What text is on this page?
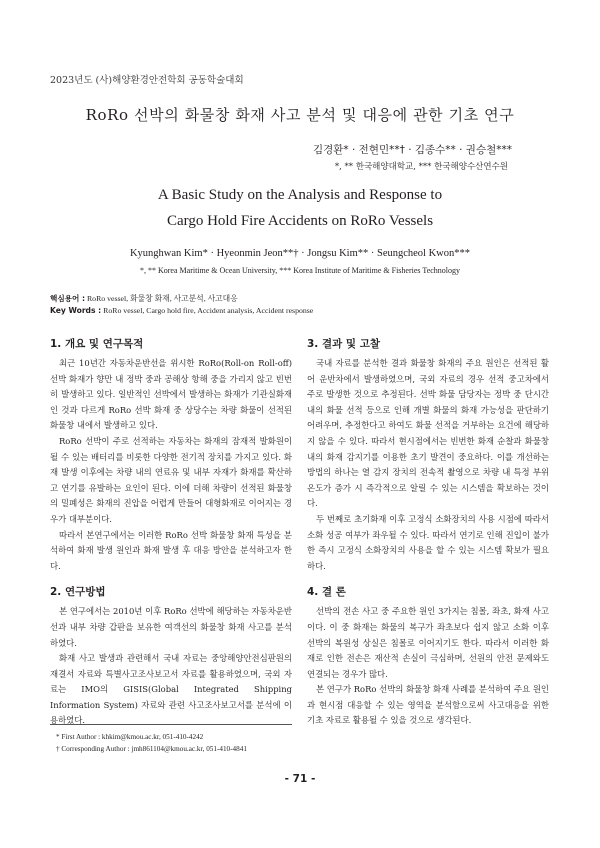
2023년도 (사)해양환경안전학회 공동학술대회
RoRo 선박의 화물창 화재 사고 분석 및 대응에 관한 기초 연구
김경환* · 전현민**† · 김종수** · 권승철***
*, ** 한국해양대학교, *** 한국해양수산연수원
A Basic Study on the Analysis and Response to
Cargo Hold Fire Accidents on RoRo Vessels
Kyunghwan Kim* · Hyeonmin Jeon**† · Jongsu Kim** · Seungcheol Kwon***
*, ** Korea Maritime & Ocean University, *** Korea Institute of Maritime & Fisheries Technology
핵심용어 : RoRo vessel, 화물창 화재, 사고분석, 사고대응
Key Words : RoRo vessel, Cargo hold fire, Accident analysis, Accident response
1. 개요 및 연구목적

최근 10년간 자동차운반선을 위시한 RoRo(Roll-on Roll-off) 선박 화재가 향만 내 정박 중과 공해상 항해 중을 가리지 않고 빈번히 발생하고 있다. 일반적인 선박에서 발생하는 화재가 기관실화재인 것과 다르게 RoRo 선박 화재 중 상당수는 차량 화물이 선적된 화물창 내에서 발생하고 있다.

RoRo 선박이 주로 선적하는 자동차는 화재의 잠재적 발화원이 될 수 있는 배터리를 비롯한 다양한 전기적 장치를 가지고 있다. 화재 발생 이후에는 차량 내의 연료유 및 내부 자재가 화재를 확산하고 연기를 유발하는 요인이 된다. 이에 더해 차량이 선적된 화물창의 밀폐성은 화재의 진압을 어렵게 만들어 대형화재로 이어지는 경우가 대부분이다.

따라서 본연구에서는 이러한 RoRo 선박 화물창 화재 특성을 분석하여 화재 발생 원인과 화재 발생 후 대응 방안을 분석하고자 한다.

2. 연구방법

본 연구에서는 2010년 이후 RoRo 선박에 해당하는 자동차운반선과 내부 차량 갑판을 보유한 여객선의 화물창 화재 사고를 분석하였다.

화재 사고 발생과 관련해서 국내 자료는 중앙해양안전심판원의 재결서 자료와 특별사고조사보고서 자료를 활용하였으며, 국외 자료는 IMO의 GISIS(Global Integrated Shipping Information System) 자료와 관련 사고조사보고서를 분석에 이용하였다.

3. 결과 및 고찰

국내 자료를 분석한 결과 화물창 화재의 주요 원인은 선적된 활어 운반차에서 발생하였으며, 국외 자료의 경우 선적 중고차에서 주로 발생한 것으로 추정된다. 선박 화물 담당자는 정박 중 단시간 내의 화물 선적 등으로 인해 개별 화물의 화재 가능성을 판단하기 어려우며, 추정한다고 하여도 화물 선적을 거부하는 요건에 해당하지 않을 수 있다. 따라서 현시점에서는 빈번한 화재 순찰과 화물창 내의 화재 감지기를 이용한 초기 발견이 중요하다. 이를 개선하는 방법의 하나는 열 감지 장치의 전속적 촬영으로 차량 내 특정 부위 온도가 증가 시 즉각적으로 알릴 수 있는 시스템을 확보하는 것이다.

두 번째로 초기화재 이후 고정식 소화장치의 사용 시점에 따라서 소화 성공 여부가 좌우될 수 있다. 따라서 연기로 인해 진입이 불가한 즉시 고정식 소화장치의 사용을 할 수 있는 시스템 확보가 필요하다.

4. 결 론

선박의 전손 사고 중 주요한 원인 3가지는 침몰, 좌초, 화재 사고이다. 이 중 화재는 화물의 복구가 좌초보다 쉽지 않고 소화 이후 선박의 복원성 상실은 침몰로 이어지기도 한다. 따라서 이러한 화재로 인한 전손은 재산적 손실이 극심하며, 선원의 안전 문제와도 연결되는 경우가 많다.

본 연구가 RoRo 선박의 화물창 화재 사례를 분석하여 주요 원인과 현시점 대응할 수 있는 영역을 분석함으로써 사고대응을 위한 기초 자료로 활용될 수 있을 것으로 생각된다.

* First Author : khkim@kmou.ac.kr, 051-410-4242
† Corresponding Author : jmh861104@kmou.ac.kr, 051-410-4841
- 71 -
